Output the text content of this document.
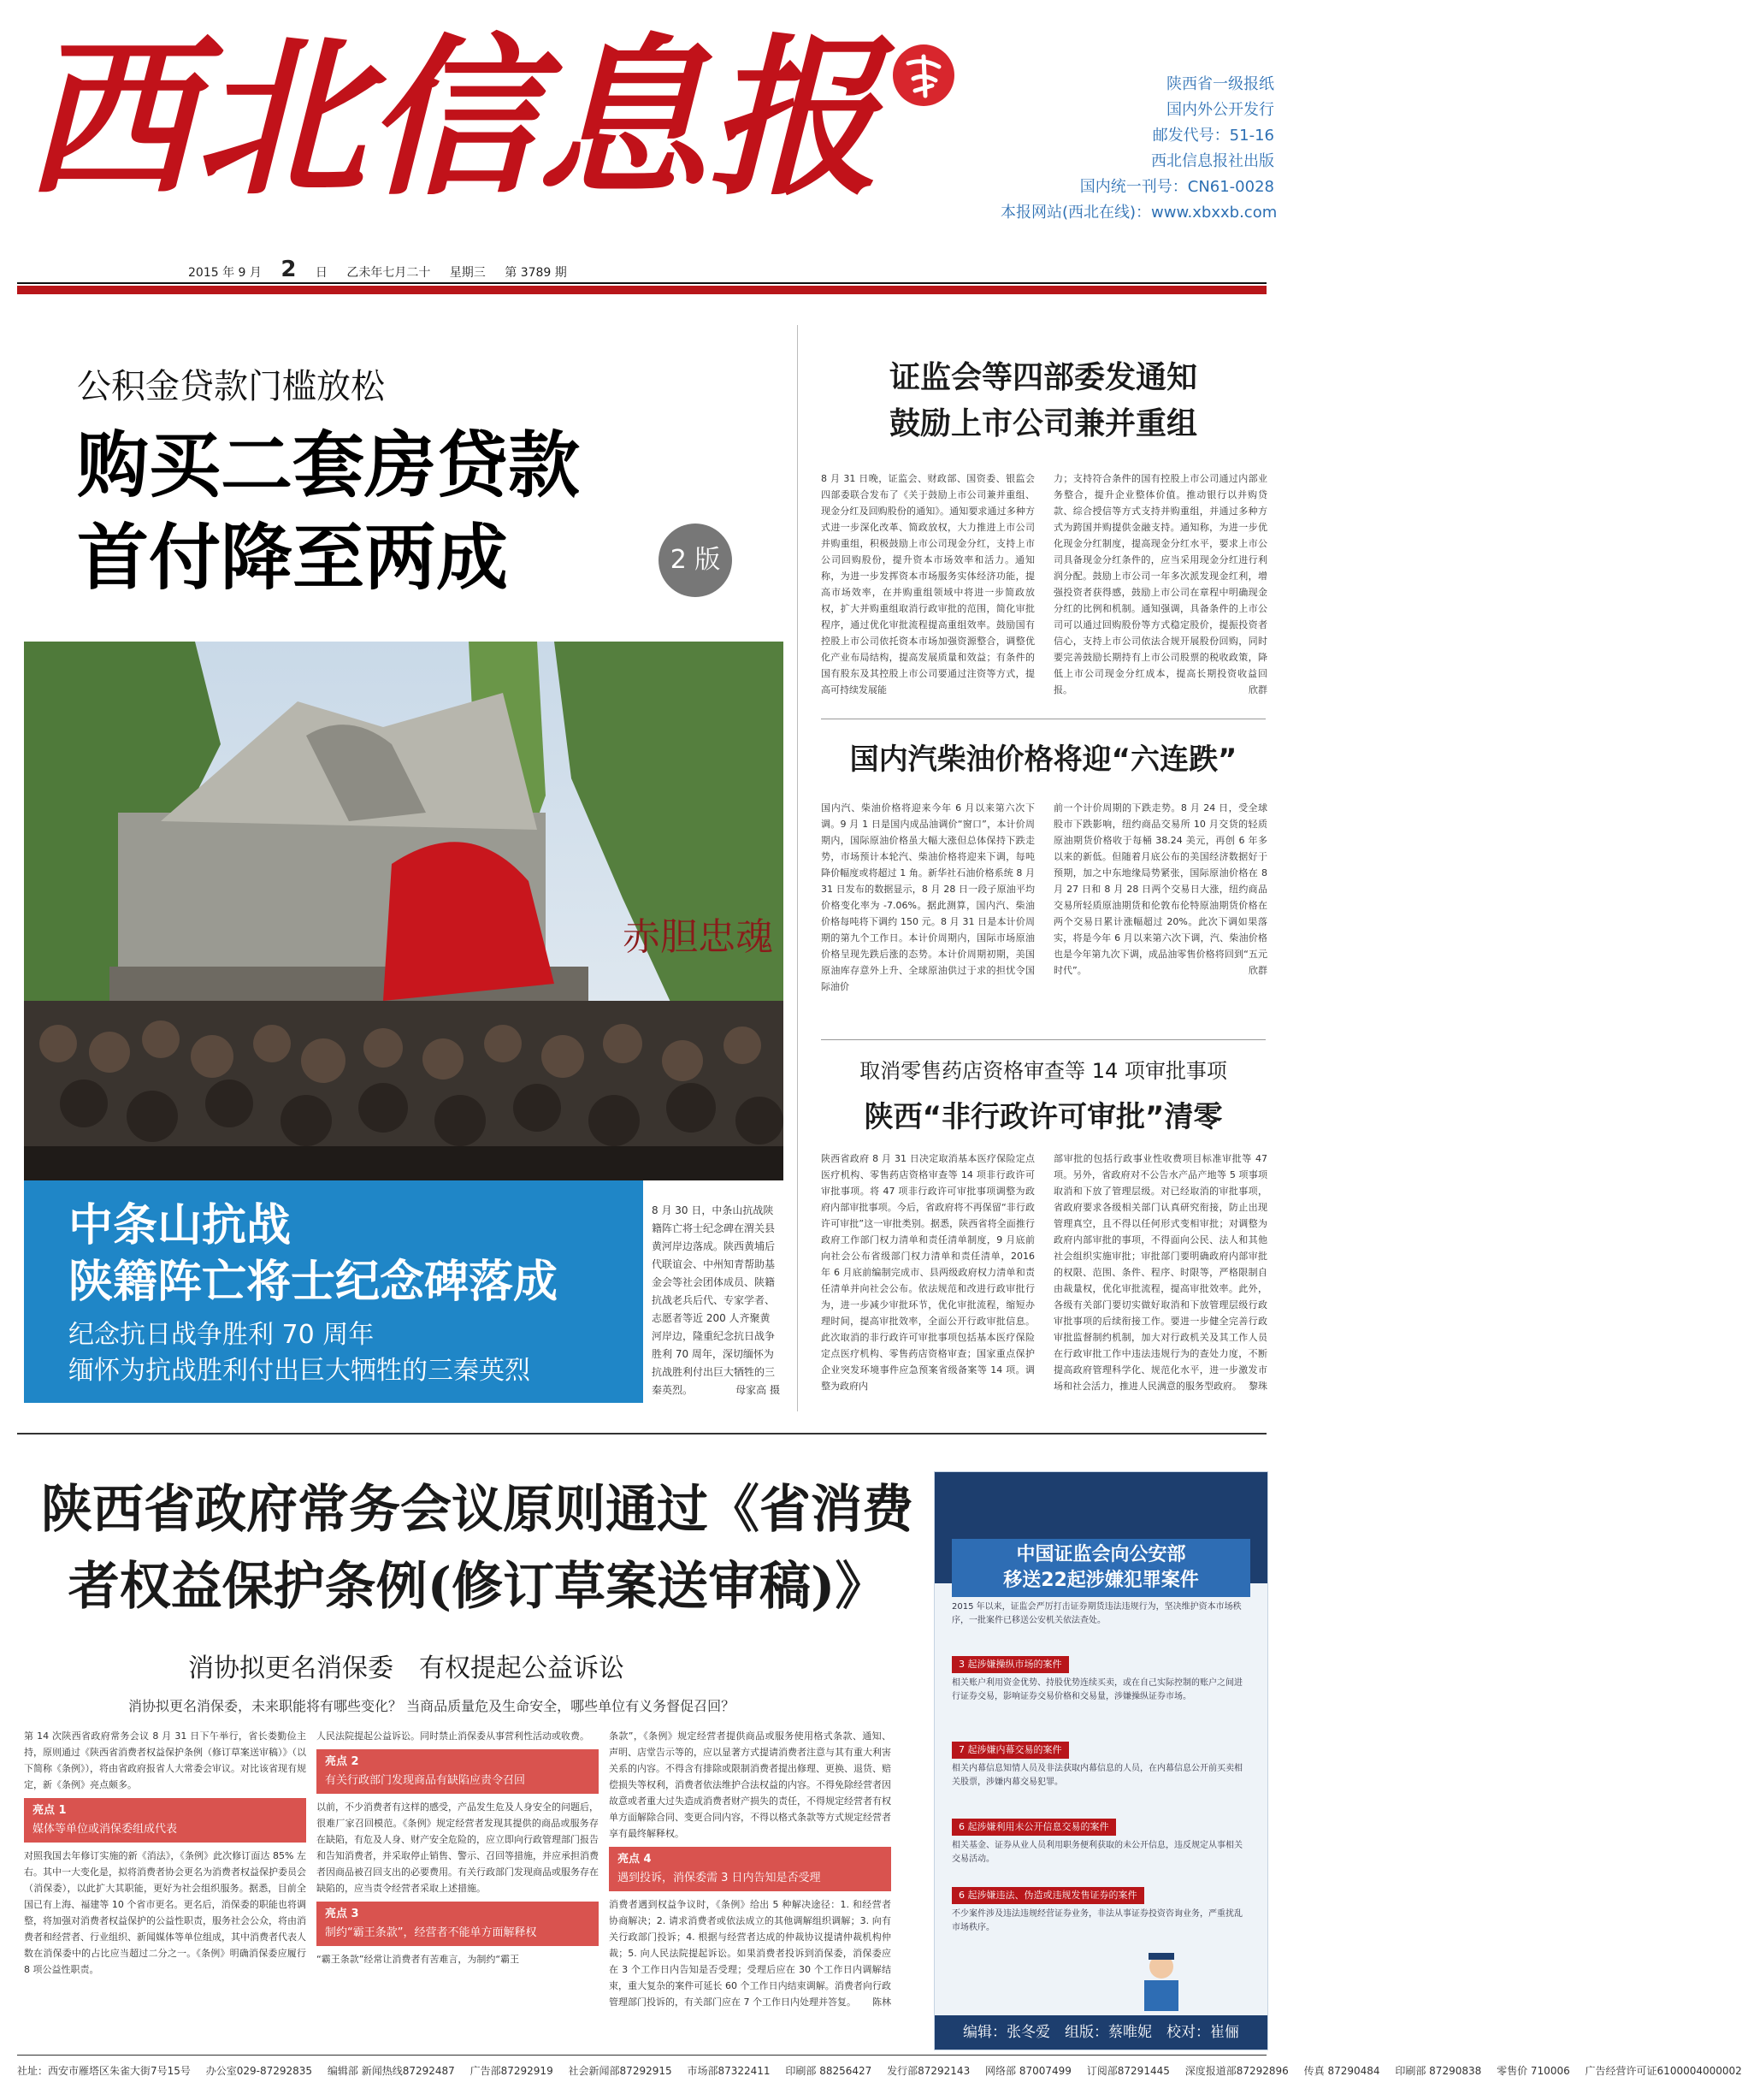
西北信息报	陕西省一级报纸
国内外公开发行
邮发代号：51-16
西北信息报社出版
国内统一刊号：CN61-0028
本报网站(西北在线)：www.xbxxb.com
2015 年 9 月 2 日 乙未年七月二十 星期三 第 3789 期
公积金贷款门槛放松
购买二套房贷款
首付降至两成	2 版
赤胆忠魂
中条山抗战
陕籍阵亡将士纪念碑落成
纪念抗日战争胜利 70 周年
缅怀为抗战胜利付出巨大牺牲的三秦英烈
8 月 30 日，中条山抗战陕籍阵亡将士纪念碑在渭关县黄河岸边落成。陕西黄埔后代联谊会、中州知青帮助基金会等社会团体成员、陕籍抗战老兵后代、专家学者、志愿者等近 200 人齐聚黄河岸边，隆重纪念抗日战争胜利 70 周年，深切缅怀为抗战胜利付出巨大牺牲的三秦英烈。	母家高 摄
证监会等四部委发通知
鼓励上市公司兼并重组
8 月 31 日晚，证监会、财政部、国资委、银监会四部委联合发布了《关于鼓励上市公司兼并重组、现金分红及回购股份的通知》。通知要求通过多种方式进一步深化改革、简政放权，大力推进上市公司并购重组，积极鼓励上市公司现金分红，支持上市公司回购股份，提升资本市场效率和活力。通知称，为进一步发挥资本市场服务实体经济功能，提高市场效率，在并购重组领域中将进一步简政放权，扩大并购重组取消行政审批的范围，简化审批程序，通过优化审批流程提高重组效率。鼓励国有控股上市公司依托资本市场加强资源整合，调整优化产业布局结构，提高发展质量和效益；有条件的国有股东及其控股上市公司要通过注资等方式，提高可持续发展能
力；支持符合条件的国有控股上市公司通过内部业务整合，提升企业整体价值。推动银行以并购贷款、综合授信等方式支持并购重组，并通过多种方式为跨国并购提供金融支持。通知称，为进一步优化现金分红制度，提高现金分红水平，要求上市公司具备现金分红条件的，应当采用现金分红进行利润分配。鼓励上市公司一年多次派发现金红利，增强投资者获得感，鼓励上市公司在章程中明确现金分红的比例和机制。通知强调，具备条件的上市公司可以通过回购股份等方式稳定股价，提振投资者信心，支持上市公司依法合规开展股份回购，同时要完善鼓励长期持有上市公司股票的税收政策，降低上市公司现金分红成本，提高长期投资收益回报。	欣群
国内汽柴油价格将迎“六连跌”
国内汽、柴油价格将迎来今年 6 月以来第六次下调。9 月 1 日是国内成品油调价“窗口”，本计价周期内，国际原油价格虽大幅大涨但总体保持下跌走势，市场预计本轮汽、柴油价格将迎来下调，每吨降价幅度或将超过 1 角。新华社石油价格系统 8 月 31 日发布的数据显示，8 月 28 日一段子原油平均价格变化率为 -7.06%。据此测算，国内汽、柴油价格每吨将下调约 150 元。8 月 31 日是本计价周期的第九个工作日。本计价周期内，国际市场原油价格呈现先跌后涨的态势。本计价周期初期，美国原油库存意外上升、全球原油供过于求的担忧令国际油价
前一个计价周期的下跌走势。8 月 24 日，受全球股市下跌影响，纽约商品交易所 10 月交货的轻质原油期货价格收于每桶 38.24 美元，再创 6 年多以来的新低。但随着月底公布的美国经济数据好于预期，加之中东地缘局势紧张，国际原油价格在 8 月 27 日和 8 月 28 日两个交易日大涨，纽约商品交易所轻质原油期货和伦敦布伦特原油期货价格在两个交易日累计涨幅超过 20%。此次下调如果落实，将是今年 6 月以来第六次下调，汽、柴油价格也是今年第九次下调，成品油零售价格将回到“五元时代”。	欣群
取消零售药店资格审查等 14 项审批事项
陕西“非行政许可审批”清零
陕西省政府 8 月 31 日决定取消基本医疗保险定点医疗机构、零售药店资格审查等 14 项非行政许可审批事项。将 47 项非行政许可审批事项调整为政府内部审批事项。今后，省政府将不再保留“非行政许可审批”这一审批类别。据悉，陕西省将全面推行政府工作部门权力清单和责任清单制度，9 月底前向社会公布省级部门权力清单和责任清单，2016 年 6 月底前编制完成市、县两级政府权力清单和责任清单并向社会公布。依法规范和改进行政审批行为，进一步减少审批环节，优化审批流程，缩短办理时间，提高审批效率，全面公开行政审批信息。此次取消的非行政许可审批事项包括基本医疗保险定点医疗机构、零售药店资格审查；国家重点保护企业突发环境事件应急预案省级备案等 14 项。调整为政府内
部审批的包括行政事业性收费项目标准审批等 47 项。另外，省政府对不公告水产品产地等 5 项事项取消和下放了管理层级。对已经取消的审批事项，省政府要求各级相关部门认真研究衔接，防止出现管理真空，且不得以任何形式变相审批；对调整为政府内部审批的事项，不得面向公民、法人和其他社会组织实施审批；审批部门要明确政府内部审批的权限、范围、条件、程序、时限等，严格限制自由裁量权，优化审批流程，提高审批效率。此外，各级有关部门要切实做好取消和下放管理层级行政审批事项的后续衔接工作。要进一步健全完善行政审批监督制约机制，加大对行政机关及其工作人员在行政审批工作中违法违规行为的查处力度，不断提高政府管理科学化、规范化水平，进一步激发市场和社会活力，推进人民满意的服务型政府。 黎珠
陕西省政府常务会议原则通过《省消费
者权益保护条例(修订草案送审稿)》
消协拟更名消保委　有权提起公益诉讼
消协拟更名消保委，未来职能将有哪些变化？ 当商品质量危及生命安全，哪些单位有义务督促召回？
第 14 次陕西省政府常务会议 8 月 31 日下午举行，省长娄勤俭主持，原则通过《陕西省消费者权益保护条例（修订草案送审稿）》（以下简称《条例》），将由省政府报省人大常委会审议。对比该省现有规定，新《条例》亮点颇多。
亮点 1
媒体等单位或消保委组成代表
对照我国去年修订实施的新《消法》，《条例》此次修订面达 85% 左右。其中一大变化是，拟将消费者协会更名为消费者权益保护委员会（消保委），以此扩大其职能，更好为社会组织服务。据悉，目前全国已有上海、福建等 10 个省市更名。更名后，消保委的职能也将调整，将加强对消费者权益保护的公益性职责，服务社会公众，将由消费者和经营者、行业组织、新闻媒体等单位组成，其中消费者代表人数在消保委中的占比应当超过二分之一。《条例》明确消保委应履行 8 项公益性职责。
人民法院提起公益诉讼。同时禁止消保委从事营利性活动或收费。
亮点 2
有关行政部门发现商品有缺陷应责令召回
以前，不少消费者有这样的感受，产品发生危及人身安全的问题后，很难厂家召回模范。《条例》规定经营者发现其提供的商品或服务存在缺陷，有危及人身、财产安全危险的，应立即向行政管理部门报告和告知消费者，并采取停止销售、警示、召回等措施，并应承担消费者因商品被召回支出的必要费用。有关行政部门发现商品或服务存在缺陷的，应当责令经营者采取上述措施。
亮点 3
制约“霸王条款”，经营者不能单方面解释权
“霸王条款”经常让消费者有苦难言，为制约“霸王
条款”，《条例》规定经营者提供商品或服务使用格式条款、通知、声明、店堂告示等的，应以显著方式提请消费者注意与其有重大利害关系的内容。不得含有排除或限制消费者提出修理、更换、退货、赔偿损失等权利，消费者依法维护合法权益的内容。不得免除经营者因故意或者重大过失造成消费者财产损失的责任，不得规定经营者有权单方面解除合同、变更合同内容，不得以格式条款等方式规定经营者享有最终解释权。
亮点 4
遇到投诉，消保委需 3 日内告知是否受理
消费者遇到权益争议时，《条例》给出 5 种解决途径：1. 和经营者协商解决；2. 请求消费者或依法成立的其他调解组织调解；3. 向有关行政部门投诉；4. 根据与经营者达成的仲裁协议提请仲裁机构仲裁；5. 向人民法院提起诉讼。如果消费者投诉到消保委，消保委应在 3 个工作日内告知是否受理；受理后应在 30 个工作日内调解结束，重大复杂的案件可延长 60 个工作日内结束调解。消费者向行政管理部门投诉的，有关部门应在 7 个工作日内处理并答复。 陈林
中国证监会向公安部
移送22起涉嫌犯罪案件
2015 年以来，证监会严厉打击证券期货违法违规行为，坚决维护资本市场秩序，一批案件已移送公安机关依法查处。
3 起涉嫌操纵市场的案件
相关账户利用资金优势、持股优势连续买卖，或在自己实际控制的账户之间进行证券交易，影响证券交易价格和交易量，涉嫌操纵证券市场。
7 起涉嫌内幕交易的案件
相关内幕信息知情人员及非法获取内幕信息的人员，在内幕信息公开前买卖相关股票，涉嫌内幕交易犯罪。
6 起涉嫌利用未公开信息交易的案件
相关基金、证券从业人员利用职务便利获取的未公开信息，违反规定从事相关交易活动。
6 起涉嫌违法、伪造或违规发售证券的案件
不少案件涉及违法违规经营证券业务，非法从事证券投资咨询业务，严重扰乱市场秩序。
编辑：张冬爱　组版：蔡唯妮　校对：崔俪
社址：西安市雁塔区朱雀大街7号15号 办公室029-87292835 编辑部 新闻热线87292487 广告部87292919 社会新闻部87292915 市场部87322411 印刷部 88256427 发行部87292143 网络部 87007499 订阅部87291445 深度报道部87292896 传真 87290484 印刷部 87290838 零售价 710006 广告经营许可证6100004000002
